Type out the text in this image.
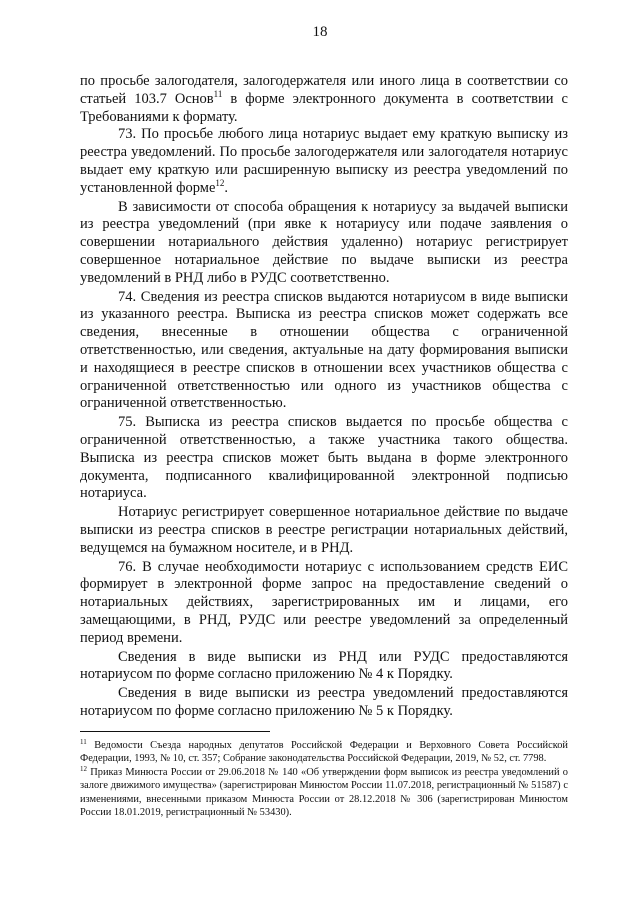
18

по просьбе залогодателя, залогодержателя или иного лица в соответствии со статьей 103.7 Основ$^{11}$ в форме электронного документа в соответствии с Требованиями к формату.

73. По просьбе любого лица нотариус выдает ему краткую выписку из реестра уведомлений. По просьбе залогодержателя или залогодателя нотариус выдает ему краткую или расширенную выписку из реестра уведомлений по установленной форме$^{12}$.

В зависимости от способа обращения к нотариусу за выдачей выписки из реестра уведомлений (при явке к нотариусу или подаче заявления о совершении нотариального действия удаленно) нотариус регистрирует совершенное нотариальное действие по выдаче выписки из реестра уведомлений в РНД либо в РУДС соответственно.

74. Сведения из реестра списков выдаются нотариусом в виде выписки из указанного реестра. Выписка из реестра списков может содержать все сведения, внесенные в отношении общества с ограниченной ответственностью, или сведения, актуальные на дату формирования выписки и находящиеся в реестре списков в отношении всех участников общества с ограниченной ответственностью или одного из участников общества с ограниченной ответственностью.

75. Выписка из реестра списков выдается по просьбе общества с ограниченной ответственностью, а также участника такого общества. Выписка из реестра списков может быть выдана в форме электронного документа, подписанного квалифицированной электронной подписью нотариуса.

Нотариус регистрирует совершенное нотариальное действие по выдаче выписки из реестра списков в реестре регистрации нотариальных действий, ведущемся на бумажном носителе, и в РНД.

76. В случае необходимости нотариус с использованием средств ЕИС формирует в электронной форме запрос на предоставление сведений о нотариальных действиях, зарегистрированных им и лицами, его замещающими, в РНД, РУДС или реестре уведомлений за определенный период времени.

Сведения в виде выписки из РНД или РУДС предоставляются нотариусом по форме согласно приложению № 4 к Порядку.

Сведения в виде выписки из реестра уведомлений предоставляются нотариусом по форме согласно приложению № 5 к Порядку.

$^{11}$ Ведомости Съезда народных депутатов Российской Федерации и Верховного Совета Российской Федерации, 1993, № 10, ст. 357; Собрание законодательства Российской Федерации, 2019, № 52, ст. 7798.

$^{12}$ Приказ Минюста России от 29.06.2018 № 140 «Об утверждении форм выписок из реестра уведомлений о залоге движимого имущества» (зарегистрирован Минюстом России 11.07.2018, регистрационный № 51587) с изменениями, внесенными приказом Минюста России от 28.12.2018 № 306 (зарегистрирован Минюстом России 18.01.2019, регистрационный № 53430).
